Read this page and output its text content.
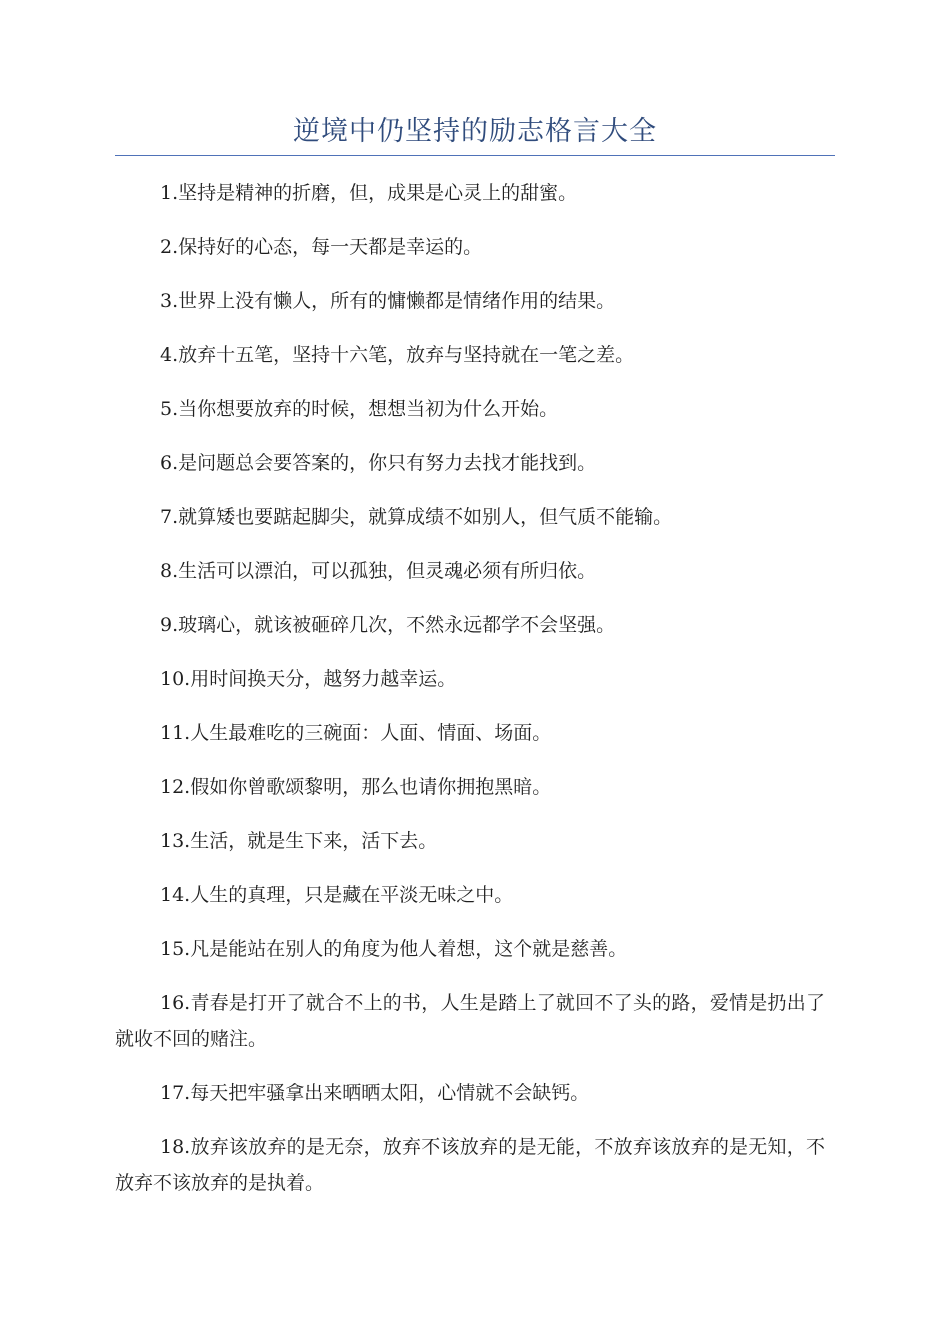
逆境中仍坚持的励志格言大全

1.坚持是精神的折磨，但，成果是心灵上的甜蜜。

2.保持好的心态，每一天都是幸运的。

3.世界上没有懒人，所有的慵懒都是情绪作用的结果。

4.放弃十五笔，坚持十六笔，放弃与坚持就在一笔之差。

5.当你想要放弃的时候，想想当初为什么开始。

6.是问题总会要答案的，你只有努力去找才能找到。

7.就算矮也要踮起脚尖，就算成绩不如别人，但气质不能输。

8.生活可以漂泊，可以孤独，但灵魂必须有所归依。

9.玻璃心，就该被砸碎几次，不然永远都学不会坚强。

10.用时间换天分，越努力越幸运。

11.人生最难吃的三碗面：人面、情面、场面。

12.假如你曾歌颂黎明，那么也请你拥抱黑暗。

13.生活，就是生下来，活下去。

14.人生的真理，只是藏在平淡无味之中。

15.凡是能站在别人的角度为他人着想，这个就是慈善。

16.青春是打开了就合不上的书，人生是踏上了就回不了头的路，爱情是扔出了就收不回的赌注。

17.每天把牢骚拿出来晒晒太阳，心情就不会缺钙。

18.放弃该放弃的是无奈，放弃不该放弃的是无能，不放弃该放弃的是无知，不放弃不该放弃的是执着。
